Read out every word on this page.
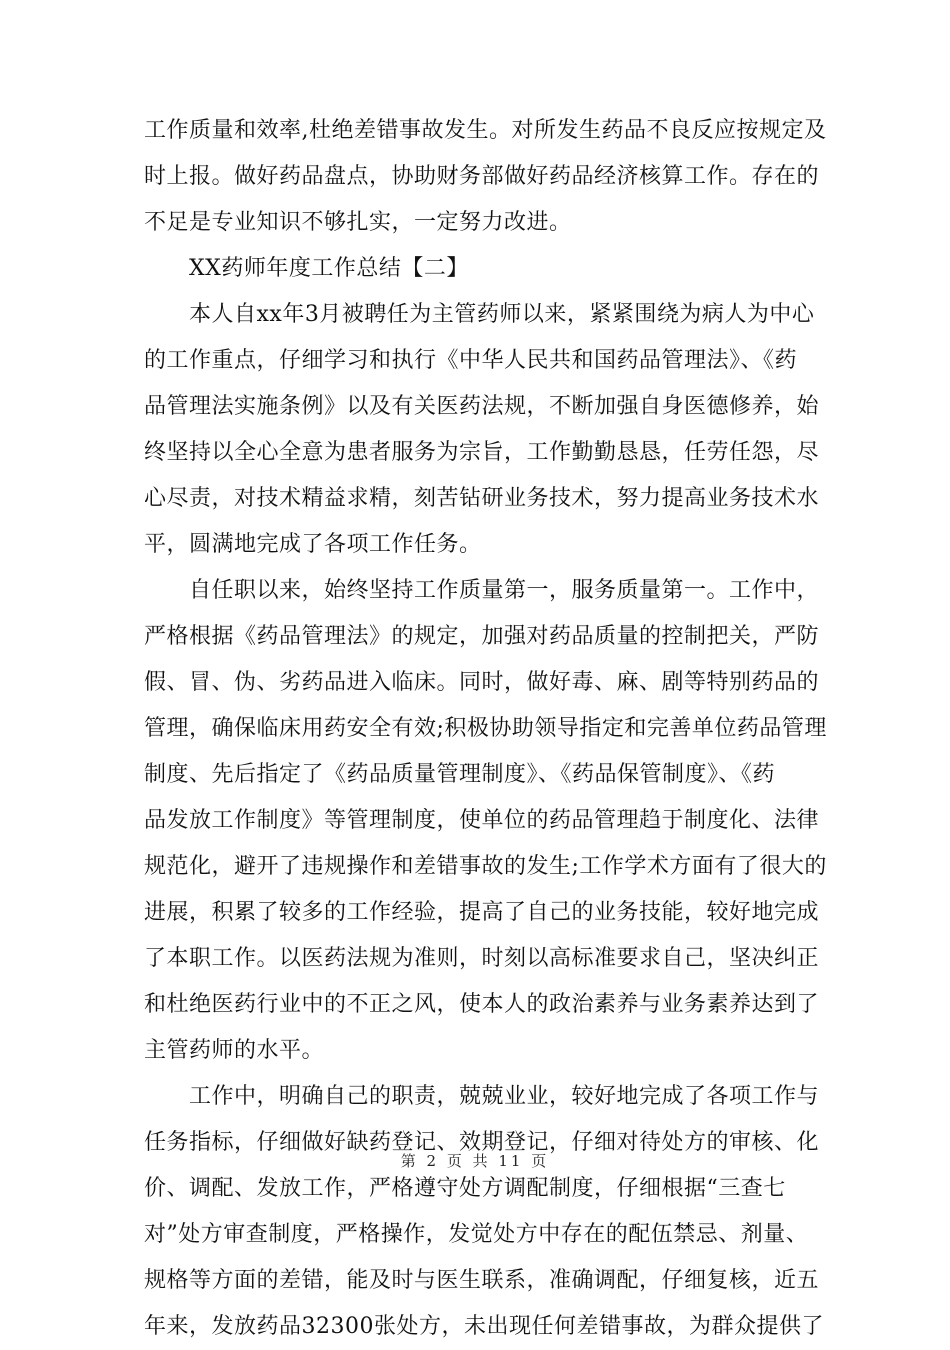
工作质量和效率,杜绝差错事故发生。对所发生药品不良反应按规定及
时上报。做好药品盘点，协助财务部做好药品经济核算工作。存在的
不足是专业知识不够扎实，一定努力改进。
　　XX药师年度工作总结【二】
　　本人自xx年3月被聘任为主管药师以来，紧紧围绕为病人为中心
的工作重点，仔细学习和执行《中华人民共和国药品管理法》、《药
品管理法实施条例》以及有关医药法规，不断加强自身医德修养，始
终坚持以全心全意为患者服务为宗旨，工作勤勤恳恳，任劳任怨，尽
心尽责，对技术精益求精，刻苦钻研业务技术，努力提高业务技术水
平，圆满地完成了各项工作任务。
　　自任职以来，始终坚持工作质量第一，服务质量第一。工作中，
严格根据《药品管理法》的规定，加强对药品质量的控制把关，严防
假、冒、伪、劣药品进入临床。同时，做好毒、麻、剧等特别药品的
管理，确保临床用药安全有效;积极协助领导指定和完善单位药品管理
制度、先后指定了《药品质量管理制度》、《药品保管制度》、《药
品发放工作制度》等管理制度，使单位的药品管理趋于制度化、法律
规范化，避开了违规操作和差错事故的发生;工作学术方面有了很大的
进展，积累了较多的工作经验，提高了自己的业务技能，较好地完成
了本职工作。以医药法规为准则，时刻以高标准要求自己，坚决纠正
和杜绝医药行业中的不正之风，使本人的政治素养与业务素养达到了
主管药师的水平。
　　工作中，明确自己的职责，兢兢业业，较好地完成了各项工作与
任务指标，仔细做好缺药登记、效期登记，仔细对待处方的审核、化
价、调配、发放工作，严格遵守处方调配制度，仔细根据“三查七
对”处方审查制度，严格操作，发觉处方中存在的配伍禁忌、剂量、
规格等方面的差错，能及时与医生联系，准确调配，仔细复核，近五
年来，发放药品32300张处方，未出现任何差错事故，为群众提供了
第 2 页 共 11 页
